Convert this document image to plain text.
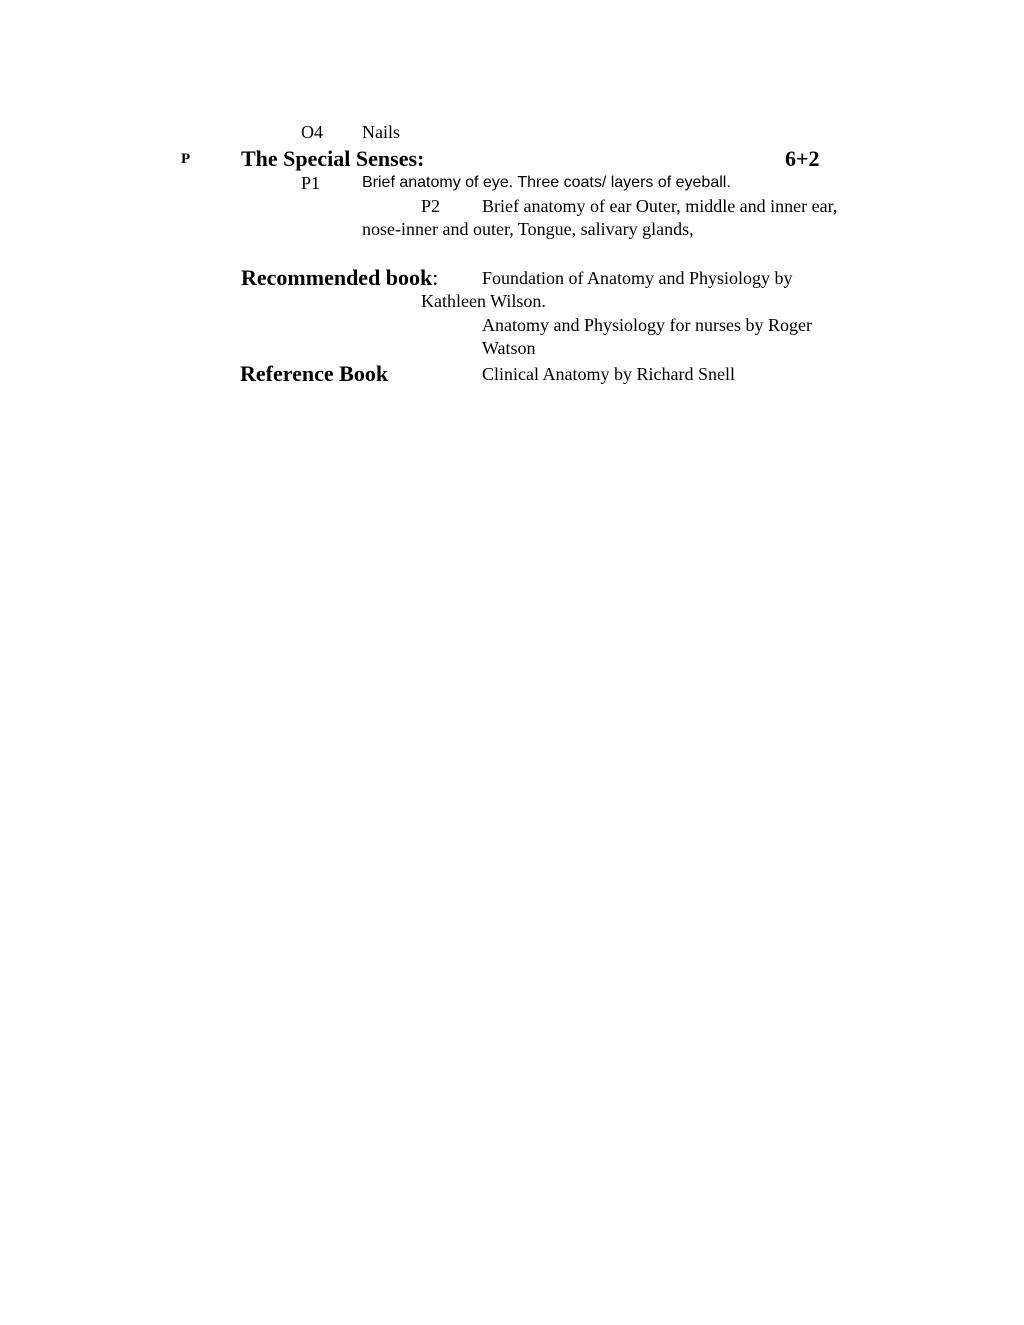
O4 Nails
P The Special Senses:	6+2
P1	Brief anatomy of eye. Three coats/ layers of eyeball.
P2 Brief anatomy of ear Outer, middle and inner ear,
nose-inner and outer, Tongue, salivary glands,
Recommended book: Foundation of Anatomy and Physiology by
Kathleen Wilson.
Anatomy and Physiology for nurses by Roger
Watson
Reference Book	Clinical Anatomy by Richard Snell
